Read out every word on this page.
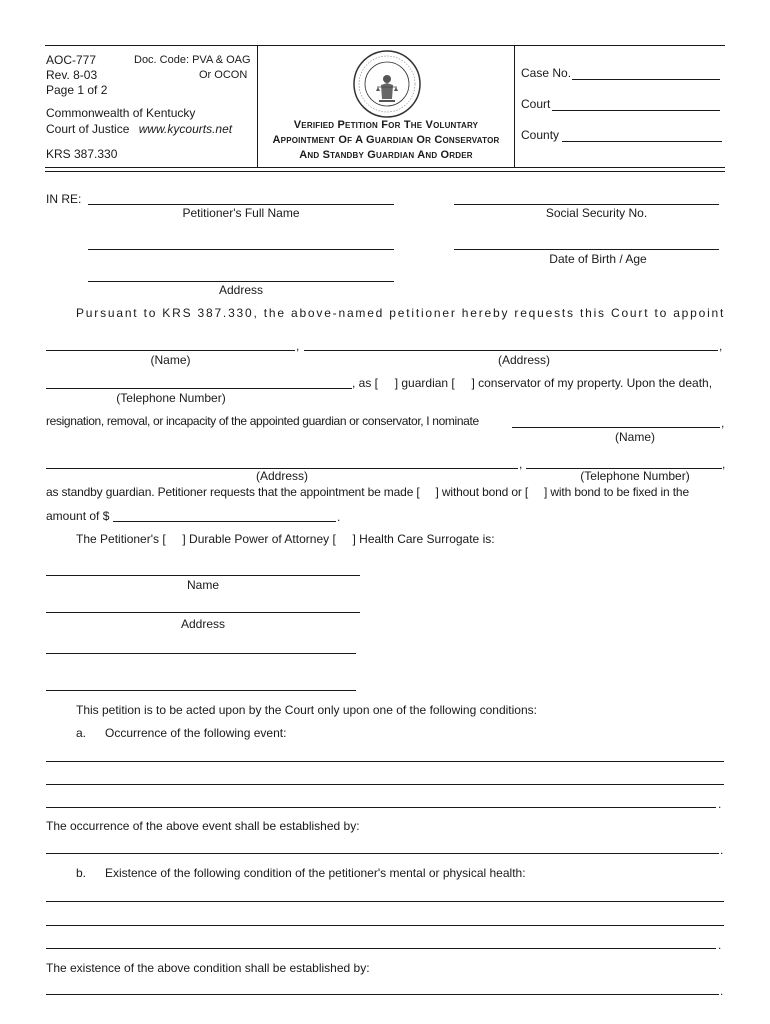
AOC-777	Doc. Code: PVA & OAG
Rev. 8-03	Or OCON
Page 1 of 2
Commonwealth of Kentucky
Court of Justice www.kycourts.net
KRS 387.330
Verified Petition For The Voluntary
Appointment Of A Guardian Or Conservator
And Standby Guardian And Order
Case No.
Court
County
IN RE:
Petitioner's Full Name	Social Security No.
Date of Birth / Age
Address
Pursuant to KRS 387.330, the above-named petitioner hereby requests this Court to appoint
,	,
(Name)	(Address)
, as [ ] guardian [ ] conservator of my property. Upon the death,
(Telephone Number)
resignation, removal, or incapacity of the appointed guardian or conservator, I nominate	,
(Name)
,	,
(Address)	(Telephone Number)
as standby guardian. Petitioner requests that the appointment be made [ ] without bond or [ ] with bond to be fixed in the
amount of $	.
The Petitioner's [ ] Durable Power of Attorney [ ] Health Care Surrogate is:
Name
Address
This petition is to be acted upon by the Court only upon one of the following conditions:
a. Occurrence of the following event:
.
The occurrence of the above event shall be established by:
.
b. Existence of the following condition of the petitioner's mental or physical health:
.
The existence of the above condition shall be established by:
.
